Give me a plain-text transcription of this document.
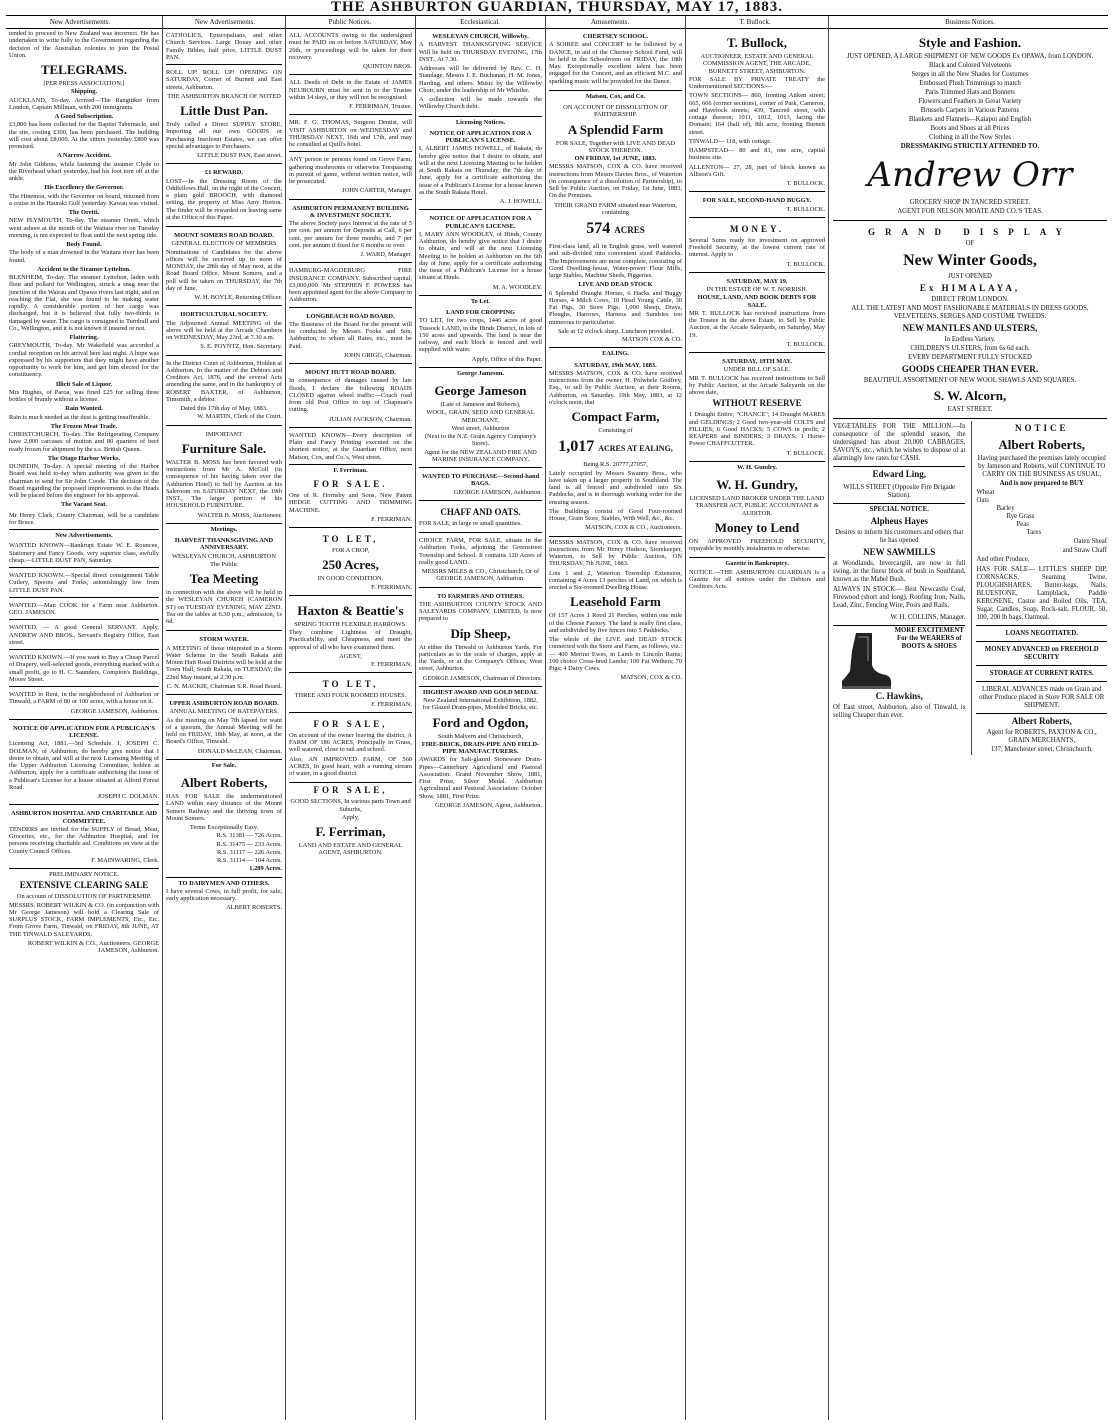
THE ASHBURTON GUARDIAN, THURSDAY, MAY 17, 1883.
New Advertisements.	New Advertisements.	Public Notices.	Ecclesiastical.	Amusements.	T. Bullock.	Business Notices.

tended to proceed to New Zealand was incorrect. He has undertaken to write fully to the Government regarding the decision of the Australian colonies to join the Postal Union.

TELEGRAMS.
[PER PRESS ASSOCIATION.]
Shipping.

AUCKLAND, To-day. Arrived—The Rangitikei from London, Captain Millman, with 200 immigrants.

A Good Subscription.

£3,800 has been collected for the Baptist Tabernacle, and the site, costing £300, has been purchased. The building will cost about £8,000. At the sitters yesterday £800 was promised.

A Narrow Accident.

Mr John Gibbons, while fastening the steamer Clyde to the Riverhead wharf yesterday, had his foot torn off at the ankle.

His Excellency the Governor.

The Hinemoa, with the Governor on board, returned from a cruise in the Hauraki Gulf yesterday. Kawau was visited.

The Oretti.

NEW PLYMOUTH, To-day. The steamer Oretti, which went ashore at the mouth of the Waitara river on Tuesday morning, is not expected to float until the next spring tide.

Body Found.

The body of a man drowned in the Waitara river has been found.

Accident to the Steamer Lyttelton.

BLENHEIM, To-day. The steamer Lyttelton, laden with flour and pollard for Wellington, struck a snag near the junction of the Wairau and Opawa rivers last night, and on reaching the Flat, she was found to be making water rapidly. A considerable portion of her cargo was discharged, but it is believed that fully two-thirds is damaged by water. The cargo is consigned to Turnbull and Co., Wellington, and it is not known if insured or not.

Flattering.

GREYMOUTH, To-day. Mr Wakefield was accorded a cordial reception on his arrival here last night. A hope was expressed by his supporters that they might have another opportunity to work for him, and get him elected for the constituency.

Illicit Sale of Liquor.

Mrs Hughes, of Paroa, was fined £25 for selling three bottles of brandy without a license.

Rain Wanted.

Rain is much needed as the dust is getting insufferable.

The Frozen Meat Trade.

CHRISTCHURCH, To-day. The Refrigerating Company have 2,000 carcases of mutton and 80 quarters of beef ready frozen for shipment by the s.s. British Queen.

The Otago Harbor Works.

DUNEDIN, To-day. A special meeting of the Harbor Board was held to-day when authority was given to the chairman to send for Sir John Coode. The decision of the Board regarding the proposed improvements to the Heads will be placed before the engineer for his approval.

The Vacant Seat.

Mr Henry Clark, County Chairman, will be a candidate for Bruce.

New Advertisements.

WANTED KNOWN—Bankrupt Estate W. E. Rouncee, Stationery and Fancy Goods, very superior class, awfully cheap.—LITTLE DUST PAN, Saturday.

WANTED KNOWN.—Special direct consignment Table Cutlery, Spoons and Forks, astonishingly low from LITTLE DUST PAN.

WANTED.—Man COOK for a Farm near Ashburton. GEO. JAMESON.

WANTED. — A good General SERVANT. Apply, ANDREW AND BROS., Servant's Registry Office, East street.

WANTED KNOWN.—If you want to Buy a Cheap Parcel of Drapery, well-selected goods, everything marked with a small profit, go to H. C. Saunders, Compton's Buildings, Moore Street.

WANTED to Rent, in the neighborhood of Ashburton or Tinwald, a FARM of 80 or 100 acres, with a house on it.

GEORGE JAMESON, Ashburton.
NOTICE OF APPLICATION FOR A PUBLICAN'S LICENSE.

Licensing Act, 1881.—3rd Schedule. I, JOSEPH C. DOLMAN, of Ashburton, do hereby give notice that I desire to obtain, and will at the next Licensing Meeting of the Upper Ashburton Licensing Committee, holden at Ashburton, apply for a certificate authorising the issue of a Publican's License for a house situated at Alford Forest Road.

JOSEPH C. DOLMAN.
ASHBURTON HOSPITAL AND CHARITABLE AID COMMITTEE.

TENDERS are invited for the SUPPLY of Bread, Meat, Groceries, etc., for the Ashburton Hospital, and for persons receiving charitable aid. Conditions on view at the County Council Offices.

F. MAINWARING, Clerk.
PRELIMINARY NOTICE.
EXTENSIVE CLEARING SALE
On account of DISSOLUTION OF PARTNERSHIP.

MESSRS. ROBERT WILKIN & CO. (in conjunction with Mr George Jameson) will hold a Clearing Sale of SURPLUS STOCK, FARM IMPLEMENTS, Etc., Etc. From Grove Farm, Tinwald, on FRIDAY, 8th JUNE, AT THE TINWALD SALEYARDS.

ROBERT WILKIN & CO., Auctioneers. GEORGE JAMESON, Ashburton.

CATHOLICS, Episcopalians, and other Church Services. Large Douay and other Family Bibles, half price, LITTLE DUST PAN.

ROLL UP! ROLL UP! OPENING ON SATURDAY, Corner of Burnett and East streets, Ashburton.

THE ASHBURTON BRANCH OF NOTED
Little Dust Pan.

Truly called a Direct SUPPLY STORE, Importing all our own GOODS or Purchasing Insolvent Estates, we can offer special advantages to Purchasers.

LITTLE DUST PAN, East street.
£1 REWARD.

LOST—In the Dressing Room of the Oddfellows Hall, on the night of the Concert, a plain gold BROOCH, with diamond setting, the property of Miss Amy Horton. The finder will be rewarded on leaving same at the Office of this Paper.

MOUNT SOMERS ROAD BOARD.
GENERAL ELECTION OF MEMBERS

Nominations of Candidates for the above offices will be received up to noon of MONDAY, the 28th day of May next, at the Road Board Office, Mount Somers, and a poll will be taken on THURSDAY, the 7th day of June.

W. H. BOYLE, Returning Officer.
HORTICULTURAL SOCIETY.

The Adjourned Annual MEETING of the above will be held at the Arcade Chambers on WEDNESDAY, May 23rd, at 7.30 a.m.

S. E. POYNTZ, Hon. Secretary.

In the District Court of Ashburton, Holden at Ashburton. In the matter of the Debtors and Creditors Act, 1876, and the several Acts amending the same, and in the bankruptcy of ROBERT BAXTER, of Ashburton, Timsmith, a debtor.

Dated this 17th day of May, 1883.
W. MARTIN, Clerk of the Court.
IMPORTANT
Furniture Sale.

WALTER B. MOSS has been favored with instructions from Mr A. McColl (in consequence of his having taken over the Ashburton Hotel) to Sell by Auction at his Saleroom on SATURDAY NEXT, the 19th INST., The larger portion of his HOUSEHOLD FURNITURE.

WALTER B. MOSS, Auctioneer.
Meetings.
HARVEST THANKSGIVING AND ANNIVERSARY.
WESLEYAN CHURCH, ASHBURTON
The Public
Tea Meeting

in connection with the above will be held in the WESLEYAN CHURCH (CAMERON ST) on TUESDAY EVENING, MAY 22ND. Tea on the tables at 6.30 p.m.; admission, 1s 6d.

STORM WATER.

A MEETING of those interested in a Storm Water Scheme in the South Rakaia and Mount Hutt Road Districts will be held at the Town Hall, South Rakaia, on TUESDAY, the 22nd May instant, at 2.30 p.m.

C. N. MACKIE, Chairman S.R. Road Board.
UPPER ASHBURTON ROAD BOARD.
ANNUAL MEETING OF RATEPAYERS.

As the meeting on May 7th lapsed for want of a quorum, the Annual Meeting will be held on FRIDAY, 18th May, at noon, at the Board's Office, Tinwald.

DONALD McLEAN, Chairman.
For Sale.
Albert Roberts,

HAS FOR SALE the undermentioned LAND within easy distance of the Mount Somers Railway and the thriving town of Mount Somers.

Terms Exceptionally Easy.
R.S. 31381 — 726 Acres.
R.S. 31475 — 233 Acres.
R.S. 31117 — 226 Acres.
R.S. 31114 — 104 Acres.
1,289 Acres.
TO DAIRYMEN AND OTHERS.

I have several Cows, in full profit, for sale; early application necessary.

ALBERT ROBERTS.

ALL ACCOUNTS owing to the undersigned must be PAID on or before SATURDAY, May 26th, or proceedings will be taken for their recovery.

QUINTON BROS.

ALL Deeds of Debt in the Estate of JAMES NEUBOURN must be sent in to the Trustee within 14 days, or they will not be recognised.

F. FERRIMAN, Trustee.

MR. F. G. THOMAS, Surgeon Dentist, will VISIT ASHBURTON on WEDNESDAY and THURSDAY NEXT, 16th and 17th, and may be consulted at Quill's hotel.

ANY person or persons found on Grove Farm, gathering mushrooms or otherwise Trespassing in pursuit of game, without written notice, will be prosecuted.

JOHN CARTER, Manager.
ASHBURTON PERMANENT BUILDING & INVESTMENT SOCIETY.

The above Society pays Interest at the rate of 5 per cent. per annum for Deposits at Call, 6 per cent. per annum for three months, and 7 per cent. per annum if fixed for 6 months or over.

J. WARD, Manager.

HAMBURG-MAGDEBURG FIRE INSURANCE COMPANY. Subscribed capital, £3,000,000. Mr STEPHEN F. POWERS has been appointed agent for the above Company in Ashburton.

LONGBEACH ROAD BOARD.

The Business of the Board for the present will be conducted by Messrs Fooks and Son, Ashburton, to whom all Rates, etc., must be Paid.

JOHN GRIGG, Chairman.
MOUNT HUTT ROAD BOARD.

In consequence of damages caused by late floods, I declare the following ROADS CLOSED against wheel traffic:—Coach road from old Post Office to top of Chapman's cutting.

JULIAN JACKSON, Chairman.

WANTED KNOWN—Every description of Plain and Fancy Printing executed on the shortest notice, at the Guardian Office, next Matson, Cox, and Co.'s, West street.

F. Ferriman.
FOR SALE.

One of R. Hornsby and Sons, New Patent HEDGE CUTTING AND TRIMMING MACHINE.

F. FERRIMAN.
TO LET,
FOR A CROP,
250 Acres,
IN GOOD CONDITION.
F. FERRIMAN.
Haxton & Beattie's
SPRING TOOTH FLEXIBLE HARROWS.

They combine Lightness of Draught, Practicability, and Cheapness, and meet the approval of all who have examined them.

AGENT,
F. FERRIMAN.
TO LET,
THREE AND FOUR ROOMED HOUSES.
F. FERRIMAN.
FOR SALE,

On account of the owner leaving the district, A FARM OF 186 ACRES, Principally in Grass, well watered, close to rail and school.

Also, AN IMPROVED FARM, OF 560 ACRES, In good heart, with a running stream of water, in a good district.

FOR SALE,
GOOD SECTIONS, In various parts Town and Suburbs,
Apply,
F. Ferriman,
LAND AND ESTATE AND GENERAL AGENT, ASHBURTON.
WESLEYAN CHURCH, Willowby.

A HARVEST THANKSGIVING SERVICE Will be held on THURSDAY EVENING, 17th INST., At 7.30.

Addresses will be delivered by Rev. C. H. Standage, Messrs J. E. Buchanan, H. M. Jones, Harding, and others. Music by the Willowby Choir, under the leadership of Mr Whistler.

A collection will be made towards the Willowby Church debt.

Licensing Notices.
NOTICE OF APPLICATION FOR A PUBLICAN'S LICENSE.

I, ALBERT JAMES HOWELL, of Rakaia, do hereby give notice that I desire to obtain, and will at the next Licensing Meeting to be holden at South Rakaia on Thursday, the 7th day of June, apply for a certificate authorising the issue of a Publican's License for a house known as the South Rakaia Hotel.

A. J. HOWELL.
NOTICE OF APPLICATION FOR A PUBLICAN'S LICENSE.

I, MARY ANN WOODLEY, of Hinds, County Ashburton, do hereby give notice that I desire to obtain, and will at the next Licensing Meeting to be holden at Ashburton on the 6th day of June, apply for a certificate authorising the issue of a Publican's License for a house situate at Hinds.

M. A. WOODLEY.
To Let.
LAND FOR CROPPING

TO LET, for two crops, 1446 acres of good Tussock LAND, in the Hinds District, in lots of 150 acres and upwards. The land is near the railway, and each block is fenced and well supplied with water.

Apply, Office of this Paper.
George Jameson.
George Jameson
(Late of Jameson and Roberts),
WOOL, GRAIN, SEED AND GENERAL MERCHANT,
West street, Ashburton
(Next to the N.Z. Grain Agency Company's Store).
Agent for the NEW ZEALAND FIRE AND MARINE INSURANCE COMPANY.
WANTED TO PURCHASE—Second-hand BAGS.
GEORGE JAMESON, Ashburton.
CHAFF AND OATS.

FOR SALE, in large or small quantities.

CHOICE FARM, FOR SALE, situate in the Ashburton Forks, adjoining the Greenstreet Township and School. It contains 120 Acres of really good LAND.

MESSRS MILES & CO., Christchurch; Or of GEORGE JAMESON, Ashburton.
TO FARMERS AND OTHERS.

THE ASHBURTON COUNTY STOCK AND SALEYARDS COMPANY, LIMITED, Is now prepared to

Dip Sheep,

At either the Tinwald or Ashburton Yards. For particulars as to the scale of charges, apply at the Yards, or at the Company's Offices, West street, Ashburton.

GEORGE JAMESON, Chairman of Directors.
HIGHEST AWARD AND GOLD MEDAL
New Zealand International Exhibition, 1882, for Glazed Drain-pipes, Moulded Bricks, etc.
Ford and Ogdon,
South Malvern and Christchurch,
FIRE-BRICK, DRAIN-PIPE AND FIELD-PIPE MANUFACTURERS.

AWARDS for Salt-glazed Stoneware Drain-Pipes—Canterbury Agricultural and Pastoral Association: Grand November Show, 1881, First Prize, Silver Medal. Ashburton Agricultural and Pastoral Association: October Show, 1881, First Prize.

GEORGE JAMESON, Agent, Ashburton.
CHERTSEY SCHOOL.

A SOIREE and CONCERT to be followed by a DANCE, in aid of the Chertsey School Fund, will be held in the Schoolroom on FRIDAY, the 18th May. Exceptionally excellent talent has been engaged for the Concert, and an efficient M.C. and sparkling music will be provided for the Dance.

Matson, Cox, and Co.
ON ACCOUNT OF DISSOLUTION OF PARTNERSHIP.
A Splendid Farm
FOR SALE, Together with LIVE AND DEAD STOCK THEREON.
ON FRIDAY, 1st JUNE, 1883.

MESSRS MATSON, COX & CO. have received instructions from Messrs Davies Bros., of Waterton (in consequence of a dissolution of Partnership), to Sell by Public Auction, on Friday, 1st June, 1883, On the Premises.

THEIR GRAND FARM situated near Waterton, containing
574 ACRES

First-class land, all in English grass, well watered and sub-divided into convenient sized Paddocks. The Improvements are most complete, consisting of Good Dwelling-house, Water-power Flour Mills, large Stables, Machine Sheds, Piggeries.

LIVE AND DEAD STOCK

6 Splendid Draught Horses, 6 Hacks and Buggy Horses, 4 Milch Cows, 10 Head Young Cattle, 30 Fat Pigs, 30 Store Pigs, 1,000 Sheep, Drays, Ploughs, Harrows, Harness and Sundries too numerous to particularise.

Sale at 12 o'clock sharp. Luncheon provided.
MATSON COX & CO.
EALING.
SATURDAY, 19th MAY, 1883.

MESSRS MATSON, COX & CO. have received instructions from the owner, H. Polwhele Godfrey, Esq., to sell by Public Auction, at their Rooms, Ashburton, on Saturday, 19th May, 1883, at 12 o'clock noon, that

Compact Farm,
Consisting of
1,017 ACRES AT EALING,
Being R.S. 20777,27057,

Lately occupied by Messrs Swanny Bros., who have taken up a larger property in Southland. The land is all fenced and subdivided into Six Paddocks, and is in thorough working order for the ensuing season.

The Buildings consist of Good Four-roomed House, Grain Store, Stables, With Well, &c., &c.

MATSON, COX & CO., Auctioneers.

MESSRS MATSON, COX & CO. have received instructions from Mr Henry Hudson, Storekeeper, Waterton, to Sell by Public Auction, ON THURSDAY, 7th JUNE, 1883.

Lots 1 and 2, Waterton Township Extension, containing 4 Acres 13 perches of Land, on which is erected a Six-roomed Dwelling House.

Leasehold Farm

Of 157 Acres 1 Rood 21 Perches, within one mile of the Cheese Factory. The land is really first class, and subdivided by five fences into 5 Paddocks.

The whole of the LIVE and DEAD STOCK connected with the Store and Farm, as follows, viz.:— 400 Merino Ewes, in Lamb to Lincoln Rams; 100 choice Cross-bred Lambs; 100 Fat Wethers; 70 Pigs; 4 Dairy Cows.

MATSON, COX & CO.
T. Bullock,
AUCTIONEER, ESTATE AND GENERAL COMMISSION AGENT, THE ARCADE, BURNETT STREET, ASHBURTON.

FOR SALE BY PRIVATE TREATY the Undermentioned SECTIONS:—

TOWN SECTIONS— 860, fronting Aitken street; 665, 666 (corner sections), corner of Park, Cameron, and Havelock streets; 439, Tancred street, with cottage thereon; 1011, 1012, 1013, facing the Domain; 164 (half of), 8th acre, fronting Burnett street.

TINWALD— 118, with cottage.

HAMPSTEAD— 80 and 81, one acre, capital business site.

ALLENTON— 27, 28, part of block known as Allison's Gift.

T. BULLOCK.
FOR SALE, SECOND-HAND BUGGY.
T. BULLOCK.
MONEY.

Several Sums ready for investment on approved Freehold Security, at the lowest current rate of interest. Apply to

T. BULLOCK.
SATURDAY, MAY 19.
IN THE ESTATE OF W. T. NORRISH.
HOUSE, LAND, AND BOOK DEBTS FOR SALE.

MR T. BULLOCK has received instructions from the Trustee in the above Estate, to Sell by Public Auction, at the Arcade Saleyards, on Saturday, May 19.

T. BULLOCK.
SATURDAY, 19TH MAY.
UNDER BILL OF SALE.

MR T. BULLOCK has received instructions to Sell by Public Auction, at the Arcade Saleyards on the above date,

WITHOUT RESERVE

1 Draught Entire, "CHANCE"; 14 Draught MARES and GELDINGS; 2 Good two-year-old COLTS and FILLIES; 6 Good HACKS; 5 COWS in profit; 2 REAPERS and BINDERS; 3 DRAYS; 1 Horse-Power CHAFFCUTTER.

T. BULLOCK.
W. H. Gundry.
W. H. Gundry,
LICENSED LAND BROKER UNDER THE LAND TRANSFER ACT, PUBLIC ACCOUNTANT & AUDITOR.
Money to Lend

ON APPROVED FREEHOLD SECURITY, repayable by monthly instalments or otherwise.

Gazette in Bankruptcy.

NOTICE.—THE ASHBURTON GUARDIAN is a Gazette for all notices under the Debtors and Creditors Acts.

Style and Fashion.
JUST OPENED, A LARGE SHIPMENT OF NEW GOODS Ex OPAWA, from LONDON.
Black and Colored Velveteens
Serges in all the New Shades for Costumes
Embossed Plush Trimmings to match
Paris Trimmed Hats and Bonnets
Flowers and Feathers in Great Variety
Brussels Carpets in Various Patterns
Blankets and Flannels—Kaiapoi and English
Boots and Shoes at all Prices
Clothing in all the New Styles
DRESSMAKING STRICTLY ATTENDED TO.
Andrew Orr
GROCERY SHOP IN TANCRED STREET.
AGENT FOR NELSON MOATE AND CO.'S TEAS.
GRAND DISPLAY
OF
New Winter Goods,
JUST OPENED
Ex HIMALAYA,
DIRECT FROM LONDON.
ALL THE LATEST AND MOST FASHIONABLE MATERIALS IN DRESS GOODS, VELVETEENS, SERGES AND COSTUME TWEEDS.
NEW MANTLES AND ULSTERS,
In Endless Variety.
CHILDREN'S ULSTERS, from 6s 6d each.
EVERY DEPARTMENT FULLY STOCKED
GOODS CHEAPER THAN EVER.
BEAUTIFUL ASSORTMENT OF NEW WOOL SHAWLS AND SQUARES.
S. W. Alcorn,
EAST STREET.

VEGETABLES FOR THE MILLION.—In consequence of the splendid season, the undersigned has about 20,000 CABBAGES, SAVOYS, etc., which he wishes to dispose of at alarmingly low rates for CASH.

Edward Ling,
WILLS STREET (Opposite Fire Brigade Station).
SPECIAL NOTICE.
Alpheus Hayes
Desires to inform his customers and others that he has opened
NEW SAWMILLS

at Woodlands, Invercargill, are now in full swing, in the finest block of bush in Southland, known as the Mabel Bush.

ALWAYS IN STOCK— Best Newcastle Coal, Firewood (short and long), Roofing Iron, Nails, Lead, Zinc, Fencing Wire, Posts and Rails.

W. H. COLLINS, Manager.
MORE EXCITEMENT For the WEARERS of BOOTS & SHOES
C. Hawkins,

Of East street, Ashburton, also of Tinwald, is selling Cheaper than ever.

NOTICE
Albert Roberts,
Having purchased the premises lately occupied by Jameson and Roberts, will CONTINUE TO CARRY ON THE BUSINESS AS USUAL,
And is now prepared to BUY
Wheat
Oats
Barley
Rye Grass
Peas
Tares
Oaten Sheaf
and Straw Chaff
And other Produce.

HAS FOR SALE— LITTLE'S SHEEP DIP, CORNSACKS, Seaming Twine, PLOUGHSHARES, Butter-kegs, Nails, BLUESTONE, Lampblack, Paddle KEROSENE, Castor and Boiled Oils, TEA, Sugar, Candles, Soap, Rock-salt, FLOUR, 50, 100, 200 lb bags, Oatmeal.

LOANS NEGOTIATED.
MONEY ADVANCED on FREEHOLD SECURITY
STORAGE AT CURRENT RATES.
LIBERAL ADVANCES made on Grain and other Produce placed in Store FOR SALE OR SHIPMENT.
Albert Roberts,
Agent for ROBERTS, PAXTON & CO., GRAIN MERCHANTS,
137, Manchester street, Christchurch.
